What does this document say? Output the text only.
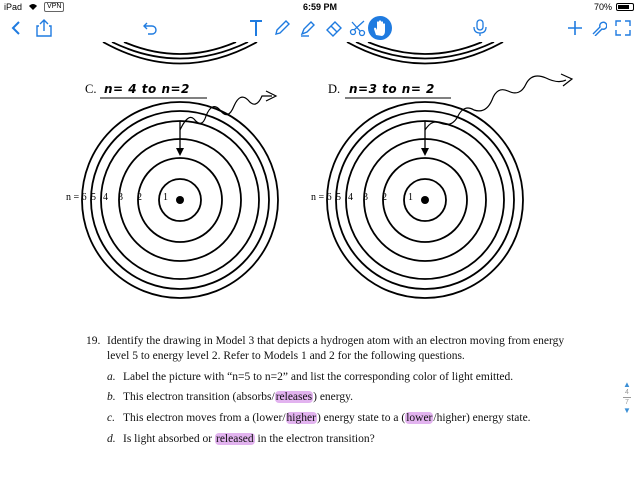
iPad	VPN	6:59 PM	70%
C. n= 4 to n=2	D. n=3 to n= 2
n = 6 5 4 3 2 1	n = 6 5 4 3 2 1
19. Identify the drawing in Model 3 that depicts a hydrogen atom with an electron moving from energy level 5 to energy level 2. Refer to Models 1 and 2 for the following questions.
a. Label the picture with “n=5 to n=2” and list the corresponding color of light emitted.
b. This electron transition (absorbs/releases) energy.
c. This electron moves from a (lower/higher) energy state to a (lower/higher) energy state.
d. Is light absorbed or released in the electron transition?
▲
4
7
▼
